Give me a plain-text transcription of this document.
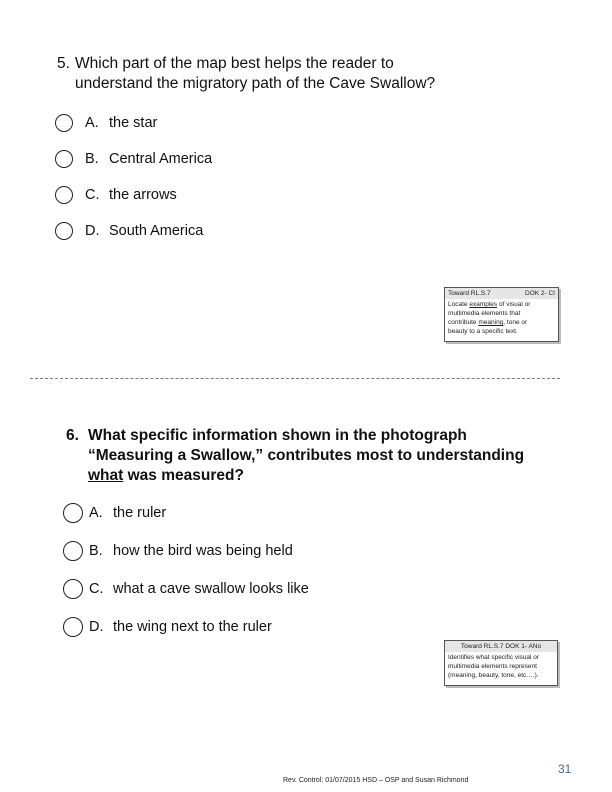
5. Which part of the map best helps the reader to
understand the migratory path of the Cave Swallow?
A. the star
B. Central America
C. the arrows
D. South America
Toward RL.S.7	DOK 2- CI
Locate examples of visual or
multimedia elements that
contribute meaning, tone or
beauty to a specific text.
6. What specific information shown in the photograph
“Measuring a Swallow,” contributes most to understanding
what was measured?
A. the ruler
B. how the bird was being held
C. what a cave swallow looks like
D. the wing next to the ruler
Toward RL.S.7 DOK 1- ANo
Identifies what specific visual or
multimedia elements represent
(meaning, beauty, tone, etc.…).
31
Rev. Control: 01/07/2015 HSD – OSP and Susan Richmond
